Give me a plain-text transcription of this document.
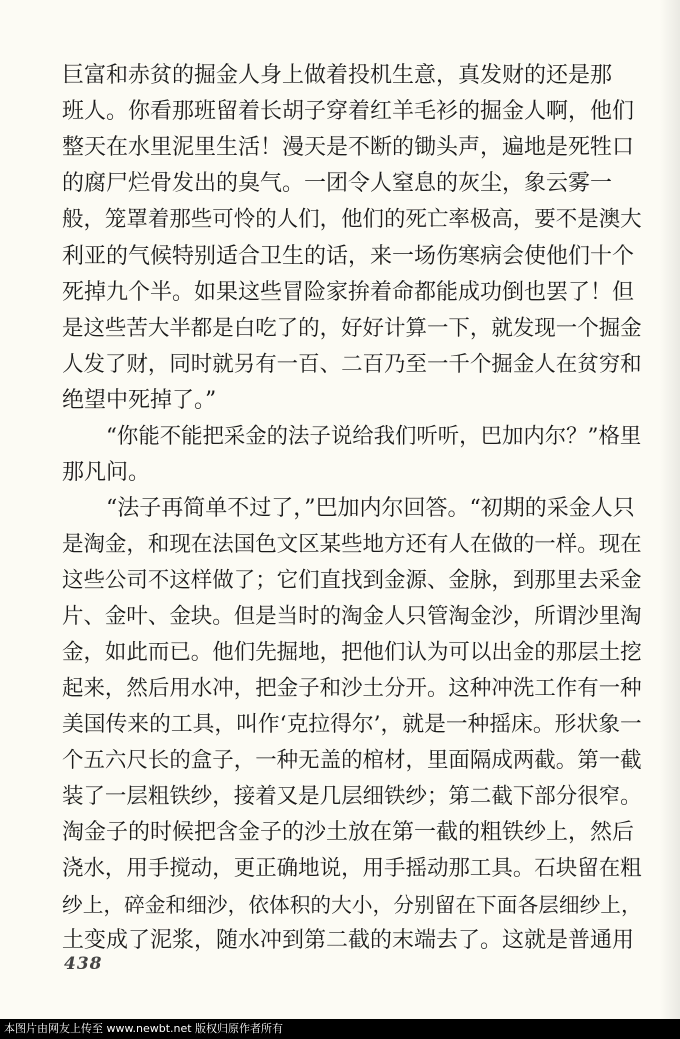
巨富和赤贫的掘金人身上做着投机生意，真发财的还是那
班人。你看那班留着长胡子穿着红羊毛衫的掘金人啊，他们
整天在水里泥里生活！漫天是不断的锄头声，遍地是死牲口
的腐尸烂骨发出的臭气。一团令人窒息的灰尘，象云雾一
般，笼罩着那些可怜的人们，他们的死亡率极高，要不是澳大
利亚的气候特别适合卫生的话，来一场伤寒病会使他们十个
死掉九个半。如果这些冒险家拚着命都能成功倒也罢了！但
是这些苦大半都是白吃了的，好好计算一下，就发现一个掘金
人发了财，同时就另有一百、二百乃至一千个掘金人在贫穷和
绝望中死掉了。”
“你能不能把采金的法子说给我们听听，巴加内尔？”格里
那凡问。
“法子再简单不过了，”巴加内尔回答。“初期的采金人只
是淘金，和现在法国色文区某些地方还有人在做的一样。现在
这些公司不这样做了；它们直找到金源、金脉，到那里去采金
片、金叶、金块。但是当时的淘金人只管淘金沙，所谓沙里淘
金，如此而已。他们先掘地，把他们认为可以出金的那层土挖
起来，然后用水冲，把金子和沙土分开。这种冲洗工作有一种
美国传来的工具，叫作‘克拉得尔’，就是一种摇床。形状象一
个五六尺长的盒子，一种无盖的棺材，里面隔成两截。第一截
装了一层粗铁纱，接着又是几层细铁纱；第二截下部分很窄。
淘金子的时候把含金子的沙土放在第一截的粗铁纱上，然后
浇水，用手搅动，更正确地说，用手摇动那工具。石块留在粗
纱上，碎金和细沙，依体积的大小，分别留在下面各层细纱上，
土变成了泥浆，随水冲到第二截的末端去了。这就是普通用
438
本图片由网友上传至 www.newbt.net 版权归原作者所有
